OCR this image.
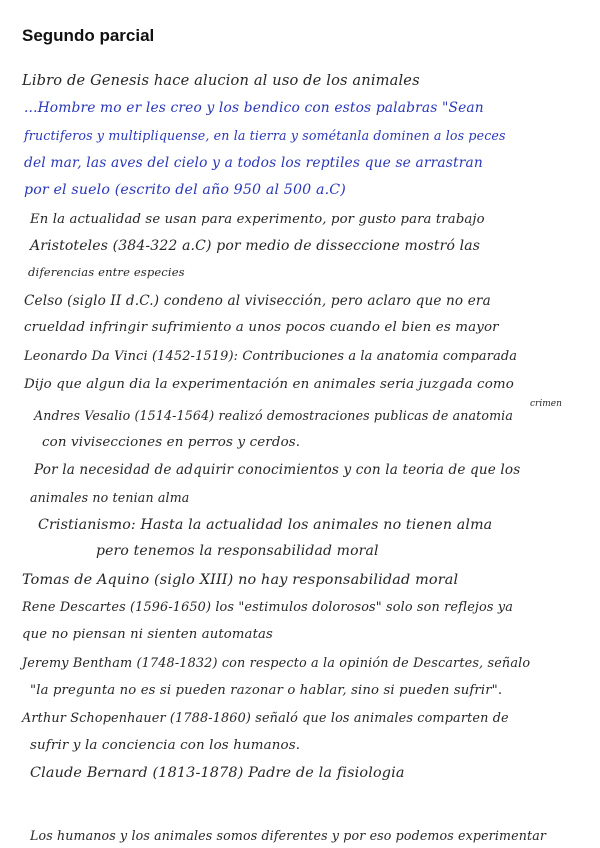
Segundo parcial
Libro de Genesis hace alucion al uso de los animales
...Hombre mo er les creo y los bendico con estos palabras "Sean
fructiferos y multipliquense, en la tierra y sométanla dominen a los peces
del mar, las aves del cielo y a todos los reptiles que se arrastran
por el suelo (escrito del año 950 al 500 a.C)
En la actualidad se usan para experimento, por gusto para trabajo
Aristoteles (384-322 a.C) por medio de disseccione mostró las
diferencias entre especies
Celso (siglo II d.C.) condeno al vivisección, pero aclaro que no era
crueldad infringir sufrimiento a unos pocos cuando el bien es mayor
Leonardo Da Vinci (1452-1519): Contribuciones a la anatomia comparada
Dijo que algun dia la experimentación en animales seria juzgada como
crimen
Andres Vesalio (1514-1564) realizó demostraciones publicas de anatomia
con vivisecciones en perros y cerdos.
Por la necesidad de adquirir conocimientos y con la teoria de que los
animales no tenian alma
Cristianismo: Hasta la actualidad los animales no tienen alma
pero tenemos la responsabilidad moral
Tomas de Aquino (siglo XIII) no hay responsabilidad moral
Rene Descartes (1596-1650) los "estimulos dolorosos" solo son reflejos ya
que no piensan ni sienten automatas
Jeremy Bentham (1748-1832) con respecto a la opinión de Descartes, señalo
"la pregunta no es si pueden razonar o hablar, sino si pueden sufrir".
Arthur Schopenhauer (1788-1860) señaló que los animales comparten de
sufrir y la conciencia con los humanos.
Claude Bernard (1813-1878) Padre de la fisiologia
Los humanos y los animales somos diferentes y por eso podemos experimentar
